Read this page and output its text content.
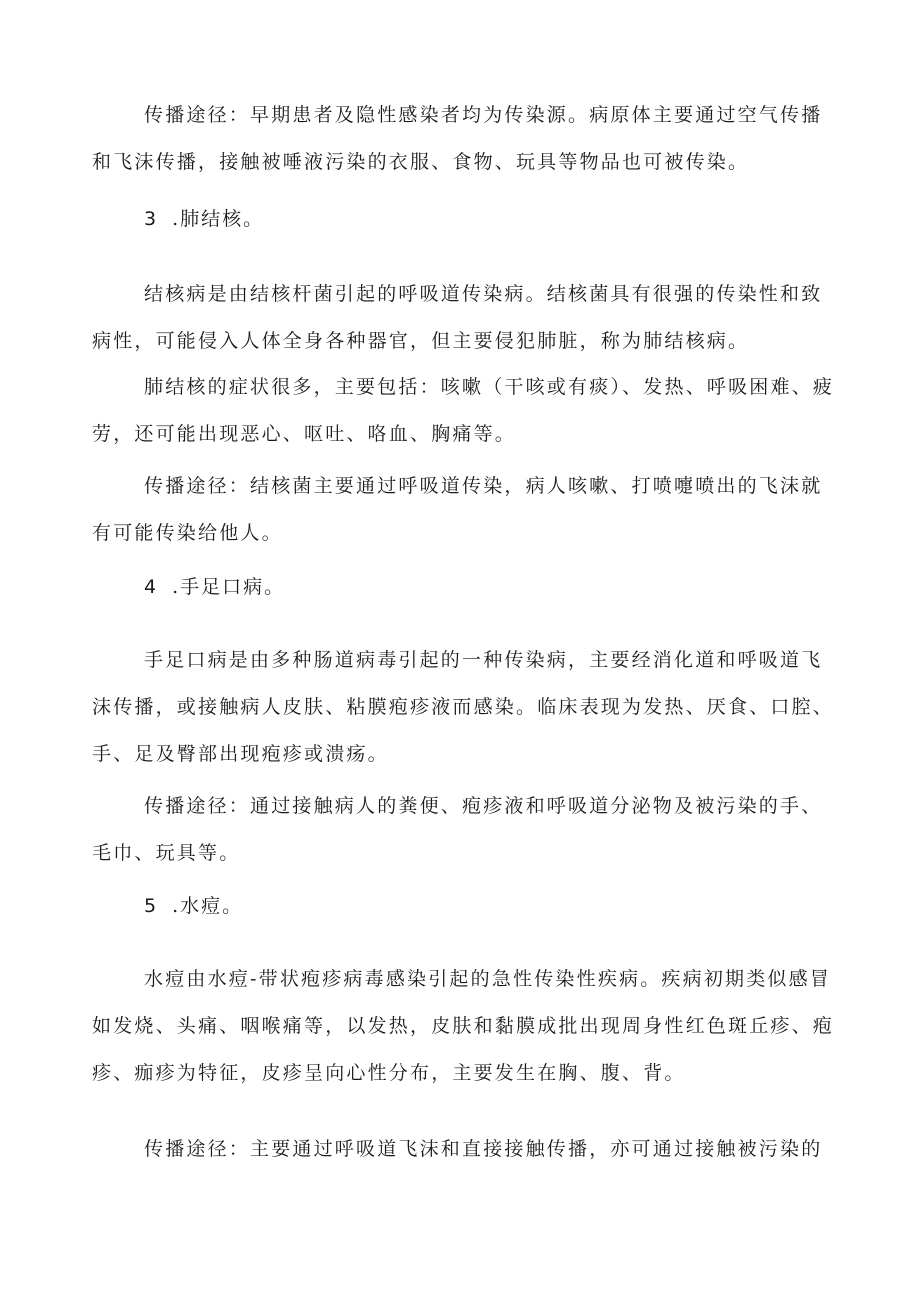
传播途径：早期患者及隐性感染者均为传染源。病原体主要通过空气传播和飞沫传播，接触被唾液污染的衣服、食物、玩具等物品也可被传染。

3 .肺结核。

结核病是由结核杆菌引起的呼吸道传染病。结核菌具有很强的传染性和致病性，可能侵入人体全身各种器官，但主要侵犯肺脏，称为肺结核病。

肺结核的症状很多，主要包括：咳嗽（干咳或有痰）、发热、呼吸困难、疲劳，还可能出现恶心、呕吐、咯血、胸痛等。

传播途径：结核菌主要通过呼吸道传染，病人咳嗽、打喷嚏喷出的飞沫就有可能传染给他人。

4 .手足口病。

手足口病是由多种肠道病毒引起的一种传染病，主要经消化道和呼吸道飞沫传播，或接触病人皮肤、粘膜疱疹液而感染。临床表现为发热、厌食、口腔、手、足及臀部出现疱疹或溃疡。

传播途径：通过接触病人的粪便、疱疹液和呼吸道分泌物及被污染的手、毛巾、玩具等。

5 .水痘。

水痘由水痘-带状疱疹病毒感染引起的急性传染性疾病。疾病初期类似感冒如发烧、头痛、咽喉痛等，以发热，皮肤和黏膜成批出现周身性红色斑丘疹、疱疹、痂疹为特征，皮疹呈向心性分布，主要发生在胸、腹、背。

传播途径：主要通过呼吸道飞沫和直接接触传播，亦可通过接触被污染的
